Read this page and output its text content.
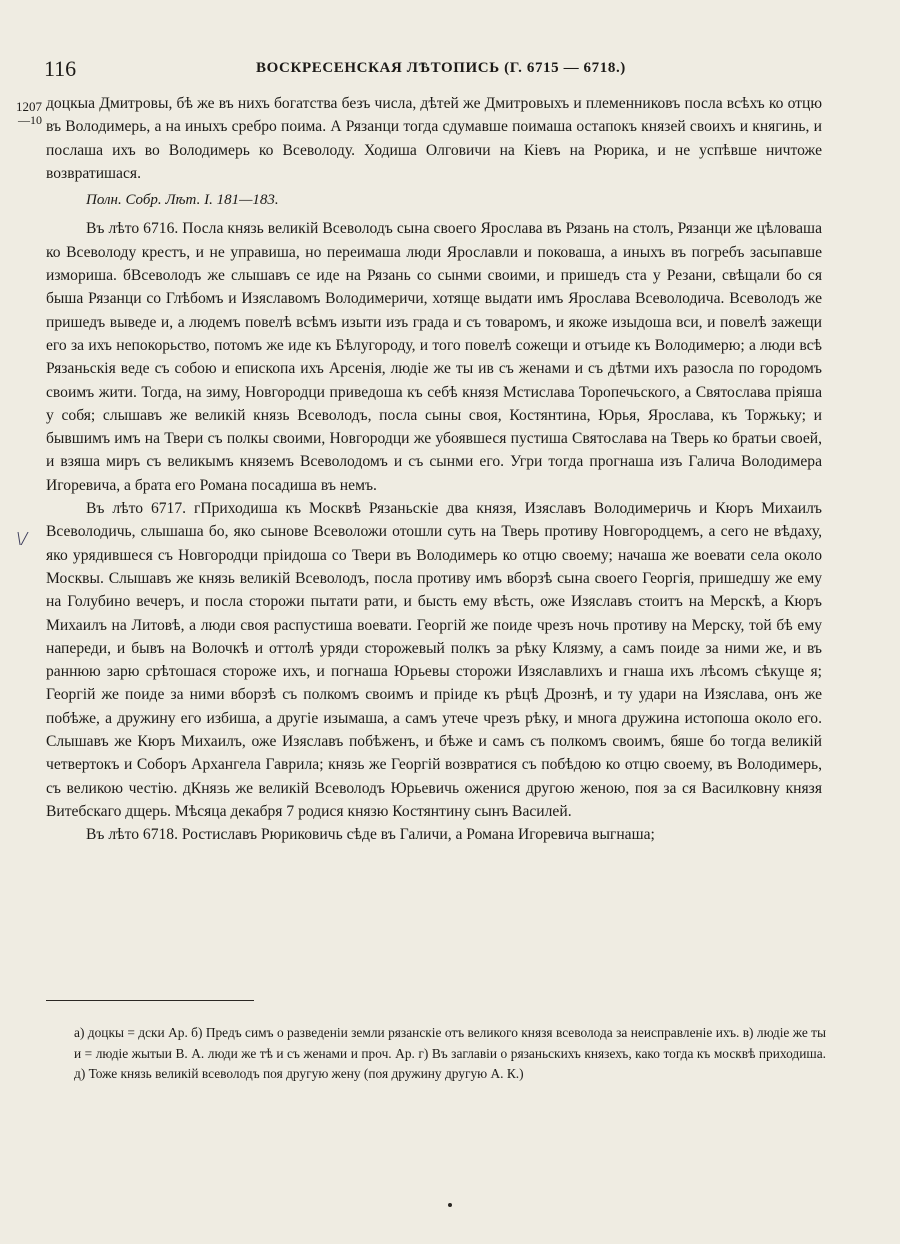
116	ВОСКРЕСЕНСКАЯ ЛѢТОПИСЬ (Г. 6715 — 6718.)
1207
—10
\/

доцкыа Дмитровы, бѣ же въ нихъ богатства безъ числа, дѣтей же Дмитровыхъ и племенниковъ посла всѣхъ ко отцю въ Володимерь, а на иныхъ сребро поима. А Рязанци тогда сдумавше поимаша остапокъ князей своихъ и княгинь, и послаша ихъ во Володимерь ко Всеволоду. Ходиша Олговичи на Кіевъ на Рюрика, и не успѣвше ничтоже возвратишася.

Полн. Собр. Лѣт. I. 181—183.

Въ лѣто 6716. Посла князь великій Всеволодъ сына своего Ярослава въ Рязань на столъ, Рязанци же цѣловаша ко Всеволоду крестъ, и не управиша, но переимаша люди Ярославли и поковаша, а иныхъ въ погребъ засыпавше изморишa. бВсеволодъ же слышавъ се иде на Рязань со сынми своими, и пришедъ ста у Резани, свѣщали бо ся быша Рязанци со Глѣбомъ и Изяславомъ Володимеричи, хотяще выдати имъ Ярослава Всеволодича. Всеволодъ же пришедъ выведе и, а людемъ повелѣ всѣмъ изыти изъ града и съ товаромъ, и якоже изыдоша вси, и повелѣ зажещи его за ихъ непокорьство, потомъ же иде къ Бѣлугороду, и того повелѣ сожещи и отъиде къ Володимерю; а люди всѣ Рязаньскія веде съ собою и епископа ихъ Арсенія, людіе же ты ив съ женами и съ дѣтми ихъ разосла по городомъ своимъ жити. Тогда, на зиму, Новгородци приведоша къ себѣ князя Мстислава Торопечьского, а Святослава пріяша у собя; слышавъ же великій князь Всеволодъ, посла сыны своя, Костянтина, Юрья, Ярослава, къ Торжьку; и бывшимъ имъ на Твери съ полкы своими, Новгородци же убоявшеся пустиша Святослава на Тверь ко братьи своей, и взяша миръ съ великымъ княземъ Всеволодомъ и съ сынми его. Угри тогда прогнаша изъ Галича Володимера Игоревича, а брата его Романа посадиша въ немъ.

Въ лѣто 6717. гПриходиша къ Москвѣ Рязаньскіе два князя, Изяславъ Володимеричь и Кюръ Михаилъ Всеволодичь, слышаша бо, яко сынове Всеволожи отошли суть на Тверь противу Новгородцемъ, а сего не вѣдаху, яко урядившеся съ Новгородци пріидоша со Твери въ Володимерь ко отцю своему; начаша же воевати села около Москвы. Слышавъ же князь великій Всеволодъ, посла противу имъ вборзѣ сына своего Георгія, пришедшу же ему на Голубино вечеръ, и посла сторожи пытати рати, и бысть ему вѣсть, оже Изяславъ стоитъ на Мерскѣ, а Кюръ Михаилъ на Литовѣ, а люди своя распустиша воевати. Георгій же поиде чрезъ ночь противу на Мерску, той бѣ ему напереди, и бывъ на Волочкѣ и оттолѣ уряди сторожевый полкъ за рѣку Клязму, а самъ поиде за ними же, и въ раннюю зарю срѣтошася стороже ихъ, и погнаша Юрьевы сторожи Изяславлихъ и гнаша ихъ лѣсомъ сѣкуще я; Георгій же поиде за ними вборзѣ съ полкомъ своимъ и пріиде къ рѣцѣ Дрознѣ, и ту удари на Изяслава, онъ же побѣже, а дружину его избиша, а другіе изымаша, а самъ утече чрезъ рѣку, и многа дружина истопоша около его. Слышавъ же Кюръ Михаилъ, оже Изяславъ побѣженъ, и бѣже и самъ съ полкомъ своимъ, бяше бо тогда великій четвертокъ и Соборъ Архангела Гаврила; князь же Георгій возвратися съ побѣдою ко отцю своему, въ Володимерь, съ великою честію. дКнязь же великій Всеволодъ Юрьевичь оженися другою женою, поя за ся Василковну князя Витебскаго дщерь. Мѣсяца декабря 7 родися князю Костянтину сынъ Василей.

Въ лѣто 6718. Ростиславъ Рюриковичь сѣде въ Галичи, а Романа Игоревича выгнаша;

а) доцкы = дски Ар. б) Предъ симъ о разведеніи земли рязанскіе отъ великого князя всеволода за неисправленіе ихъ. в) людіе же ты и = людіе жытыи В. А. люди же тѣ и съ женами и проч. Ар. г) Въ заглавіи о рязаньскихъ князехъ, како тогда къ москвѣ приходиша. д) Тоже князь великій всеволодъ поя другую жену (поя дружину другую А. К.)
